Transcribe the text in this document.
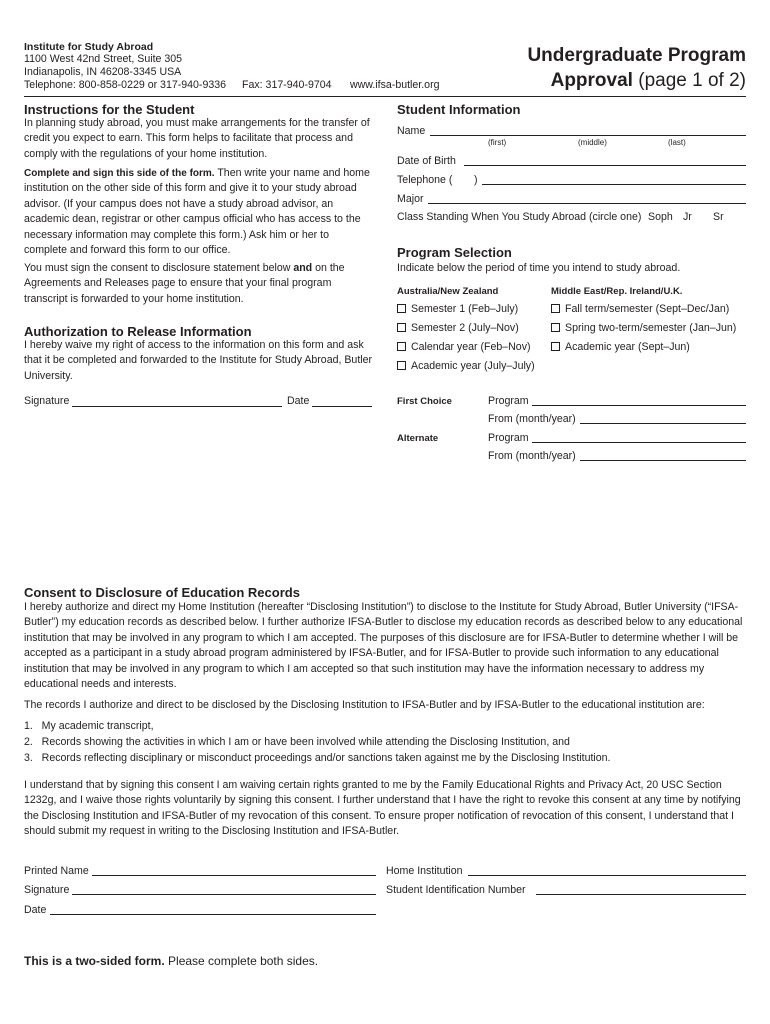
Institute for Study Abroad
1100 West 42nd Street, Suite 305
Indianapolis, IN 46208-3345 USA
Telephone: 800-858-0229 or 317-940-9336 Fax: 317-940-9704 www.ifsa-butler.org
Undergraduate Program
Approval (page 1 of 2)
Instructions for the Student
In planning study abroad, you must make arrangements for the transfer of credit you expect to earn. This form helps to facilitate that process and comply with the regulations of your home institution.
Complete and sign this side of the form. Then write your name and home institution on the other side of this form and give it to your study abroad advisor. (If your campus does not have a study abroad advisor, an academic dean, registrar or other campus official who has access to the necessary information may complete this form.) Ask him or her to complete and forward this form to our office.
You must sign the consent to disclosure statement below and on the Agreements and Releases page to ensure that your final program transcript is forwarded to your home institution.
Authorization to Release Information
I hereby waive my right of access to the information on this form and ask that it be completed and forwarded to the Institute for Study Abroad, Butler University.
Signature	Date
Student Information
Name
(first)	(middle)	(last)
Date of Birth
Telephone ( )
Major
Class Standing When You Study Abroad (circle one) Soph Jr Sr
Program Selection
Indicate below the period of time you intend to study abroad.
Australia/New Zealand	Middle East/Rep. Ireland/U.K.
Semester 1 (Feb–July)
Semester 2 (July–Nov)
Calendar year (Feb–Nov)
Academic year (July–July)
Fall term/semester (Sept–Dec/Jan)
Spring two-term/semester (Jan–Jun)
Academic year (Sept–Jun)
First Choice	Program
From (month/year)
Alternate	Program
From (month/year)
Consent to Disclosure of Education Records
I hereby authorize and direct my Home Institution (hereafter “Disclosing Institution”) to disclose to the Institute for Study Abroad, Butler University (“IFSA-Butler”) my education records as described below. I further authorize IFSA-Butler to disclose my education records as described below to any educational institution that may be involved in any program to which I am accepted. The purposes of this disclosure are for IFSA-Butler to determine whether I will be accepted as a participant in a study abroad program administered by IFSA-Butler, and for IFSA-Butler to provide such information to any educational institution that may be involved in any program to which I am accepted so that such institution may have the information necessary to address my educational needs and interests.
The records I authorize and direct to be disclosed by the Disclosing Institution to IFSA-Butler and by IFSA-Butler to the educational institution are:
1.   My academic transcript,
2.   Records showing the activities in which I am or have been involved while attending the Disclosing Institution, and
3.   Records reflecting disciplinary or misconduct proceedings and/or sanctions taken against me by the Disclosing Institution.
I understand that by signing this consent I am waiving certain rights granted to me by the Family Educational Rights and Privacy Act, 20 USC Section 1232g, and I waive those rights voluntarily by signing this consent. I further understand that I have the right to revoke this consent at any time by notifying the Disclosing Institution and IFSA-Butler of my revocation of this consent. To ensure proper notification of revocation of this consent, I understand that I should submit my request in writing to the Disclosing Institution and IFSA-Butler.
Printed Name
Signature
Date
Home Institution
Student Identification Number
This is a two-sided form. Please complete both sides.
